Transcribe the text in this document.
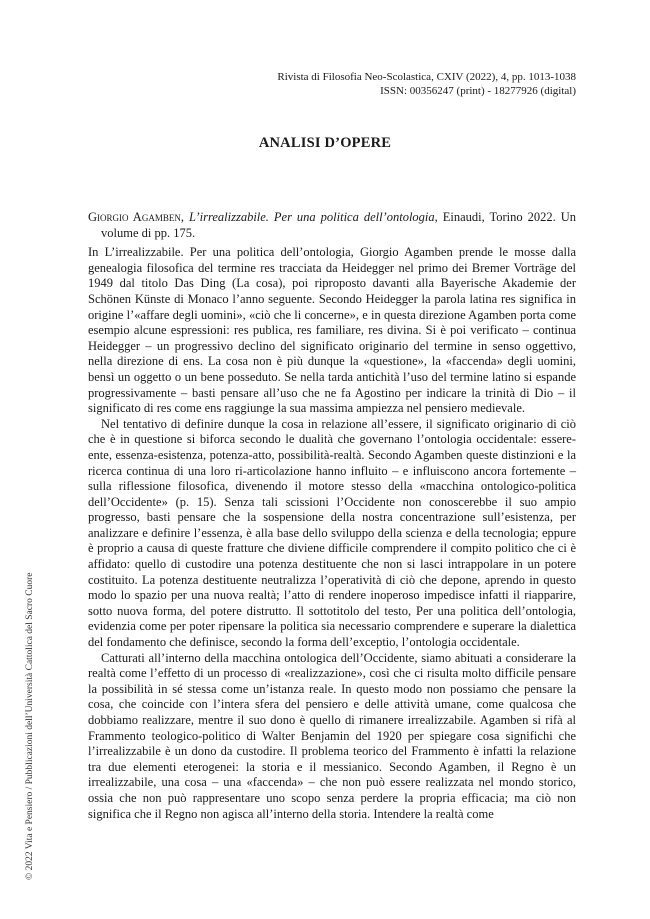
Rivista di Filosofia Neo-Scolastica, CXIV (2022), 4, pp. 1013-1038
ISSN: 00356247 (print) - 18277926 (digital)
ANALISI D’OPERE

Giorgio Agamben, L’irrealizzabile. Per una politica dell’ontologia, Einaudi, Torino 2022. Un volume di pp. 175.

In L’irrealizzabile. Per una politica dell’ontologia, Giorgio Agamben prende le mosse dalla genealogia filosofica del termine res tracciata da Heidegger nel primo dei Bremer Vorträge del 1949 dal titolo Das Ding (La cosa), poi riproposto davanti alla Bayerische Akademie der Schönen Künste di Monaco l’anno seguente. Secondo Heidegger la parola latina res significa in origine l’«affare degli uomini», «ciò che li concerne», e in questa direzione Agamben porta come esempio alcune espressioni: res publica, res familiare, res divina. Si è poi verificato – continua Heidegger – un progressivo declino del significato originario del termine in senso oggettivo, nella direzione di ens. La cosa non è più dunque la «questione», la «faccenda» degli uomini, bensì un oggetto o un bene posseduto. Se nella tarda antichità l’uso del termine latino si espande progressivamente – basti pensare all’uso che ne fa Agostino per indicare la trinità di Dio – il significato di res come ens raggiunge la sua massima ampiezza nel pensiero medievale.

Nel tentativo di definire dunque la cosa in relazione all’essere, il significato originario di ciò che è in questione si biforca secondo le dualità che governano l’ontologia occidentale: essere-ente, essenza-esistenza, potenza-atto, possibilità-realtà. Secondo Agamben queste distinzioni e la ricerca continua di una loro ri-articolazione hanno influito – e influiscono ancora fortemente – sulla riflessione filosofica, divenendo il motore stesso della «macchina ontologico-politica dell’Occidente» (p. 15). Senza tali scissioni l’Occidente non conoscerebbe il suo ampio progresso, basti pensare che la sospensione della nostra concentrazione sull’esistenza, per analizzare e definire l’essenza, è alla base dello sviluppo della scienza e della tecnologia; eppure è proprio a causa di queste fratture che diviene difficile comprendere il compito politico che ci è affidato: quello di custodire una potenza destituente che non si lasci intrappolare in un potere costituito. La potenza destituente neutralizza l’operatività di ciò che depone, aprendo in questo modo lo spazio per una nuova realtà; l’atto di rendere inoperoso impedisce infatti il riapparire, sotto nuova forma, del potere distrutto. Il sottotitolo del testo, Per una politica dell’ontologia, evidenzia come per poter ripensare la politica sia necessario comprendere e superare la dialettica del fondamento che definisce, secondo la forma dell’exceptio, l’ontologia occidentale.

Catturati all’interno della macchina ontologica dell’Occidente, siamo abituati a considerare la realtà come l’effetto di un processo di «realizzazione», così che ci risulta molto difficile pensare la possibilità in sé stessa come un’istanza reale. In questo modo non possiamo che pensare la cosa, che coincide con l’intera sfera del pensiero e delle attività umane, come qualcosa che dobbiamo realizzare, mentre il suo dono è quello di rimanere irrealizzabile. Agamben si rifà al Frammento teologico-politico di Walter Benjamin del 1920 per spiegare cosa significhi che l’irrealizzabile è un dono da custodire. Il problema teorico del Frammento è infatti la relazione tra due elementi eterogenei: la storia e il messianico. Secondo Agamben, il Regno è un irrealizzabile, una cosa – una «faccenda» – che non può essere realizzata nel mondo storico, ossia che non può rappresentare uno scopo senza perdere la propria efficacia; ma ciò non significa che il Regno non agisca all’interno della storia. Intendere la realtà come

© 2022 Vita e Pensiero / Pubblicazioni dell’Università Cattolica del Sacro Cuore
